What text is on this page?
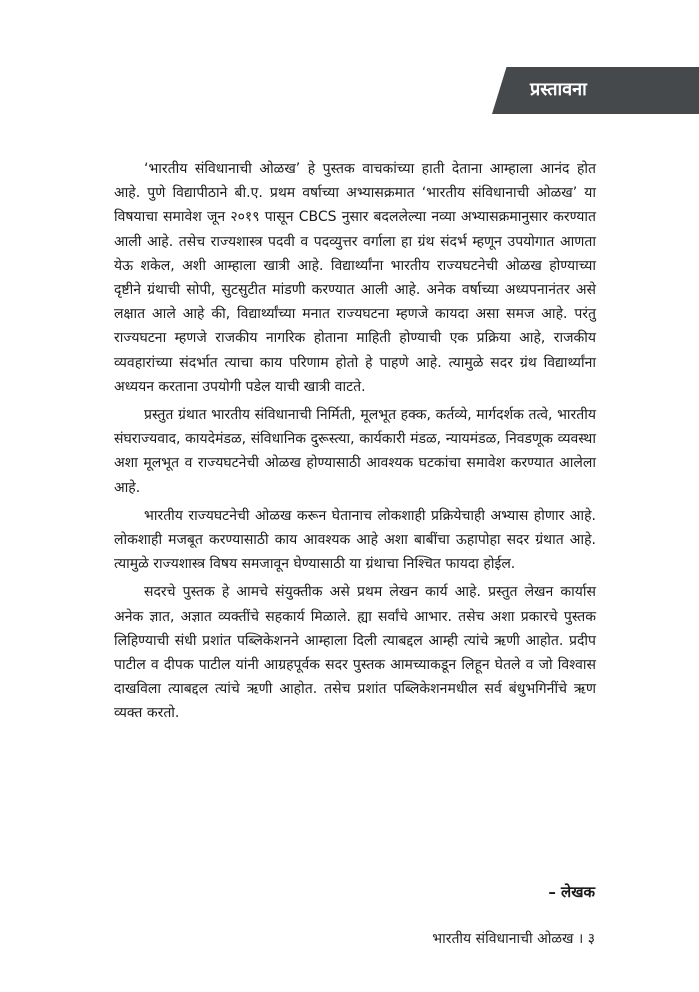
प्रस्तावना

‘भारतीय संविधानाची ओळख’ हे पुस्तक वाचकांच्या हाती देताना आम्हाला आनंद होत आहे. पुणे विद्यापीठाने बी.ए. प्रथम वर्षाच्या अभ्यासक्रमात ‘भारतीय संविधानाची ओळख’ या विषयाचा समावेश जून २०१९ पासून CBCS नुसार बदललेल्या नव्या अभ्यासक्रमानुसार करण्यात आली आहे. तसेच राज्यशास्त्र पदवी व पदव्युत्तर वर्गाला हा ग्रंथ संदर्भ म्हणून उपयोगात आणता येऊ शकेल, अशी आम्हाला खात्री आहे. विद्यार्थ्यांना भारतीय राज्यघटनेची ओळख होण्याच्या दृष्टीने ग्रंथाची सोपी, सुटसुटीत मांडणी करण्यात आली आहे. अनेक वर्षाच्या अध्यपनानंतर असे लक्षात आले आहे की, विद्यार्थ्यांच्या मनात राज्यघटना म्हणजे कायदा असा समज आहे. परंतु राज्यघटना म्हणजे राजकीय नागरिक होताना माहिती होण्याची एक प्रक्रिया आहे, राजकीय व्यवहारांच्या संदर्भात त्याचा काय परिणाम होतो हे पाहणे आहे. त्यामुळे सदर ग्रंथ विद्यार्थ्यांना अध्ययन करताना उपयोगी पडेल याची खात्री वाटते.

प्रस्तुत ग्रंथात भारतीय संविधानाची निर्मिती, मूलभूत हक्क, कर्तव्ये, मार्गदर्शक तत्वे, भारतीय संघराज्यवाद, कायदेमंडळ, संविधानिक दुरूस्त्या, कार्यकारी मंडळ, न्यायमंडळ, निवडणूक व्यवस्था अशा मूलभूत व राज्यघटनेची ओळख होण्यासाठी आवश्यक घटकांचा समावेश करण्यात आलेला आहे.

भारतीय राज्यघटनेची ओळख करून घेतानाच लोकशाही प्रक्रियेचाही अभ्यास होणार आहे. लोकशाही मजबूत करण्यासाठी काय आवश्यक आहे अशा बाबींचा ऊहापोहा सदर ग्रंथात आहे. त्यामुळे राज्यशास्त्र विषय समजावून घेण्यासाठी या ग्रंथाचा निश्चित फायदा होईल.

सदरचे पुस्तक हे आमचे संयुक्तीक असे प्रथम लेखन कार्य आहे. प्रस्तुत लेखन कार्यास अनेक ज्ञात, अज्ञात व्यक्तींचे सहकार्य मिळाले. ह्या सर्वांचे आभार. तसेच अशा प्रकारचे पुस्तक लिहिण्याची संधी प्रशांत पब्लिकेशनने आम्हाला दिली त्याबद्दल आम्ही त्यांचे ऋणी आहोत. प्रदीप पाटील व दीपक पाटील यांनी आग्रहपूर्वक सदर पुस्तक आमच्याकडून लिहून घेतले व जो विश्वास दाखविला त्याबद्दल त्यांचे ऋणी आहोत. तसेच प्रशांत पब्लिकेशनमधील सर्व बंधुभगिनींचे ऋण व्यक्त करतो.

– लेखक
भारतीय संविधानाची ओळख । ३
